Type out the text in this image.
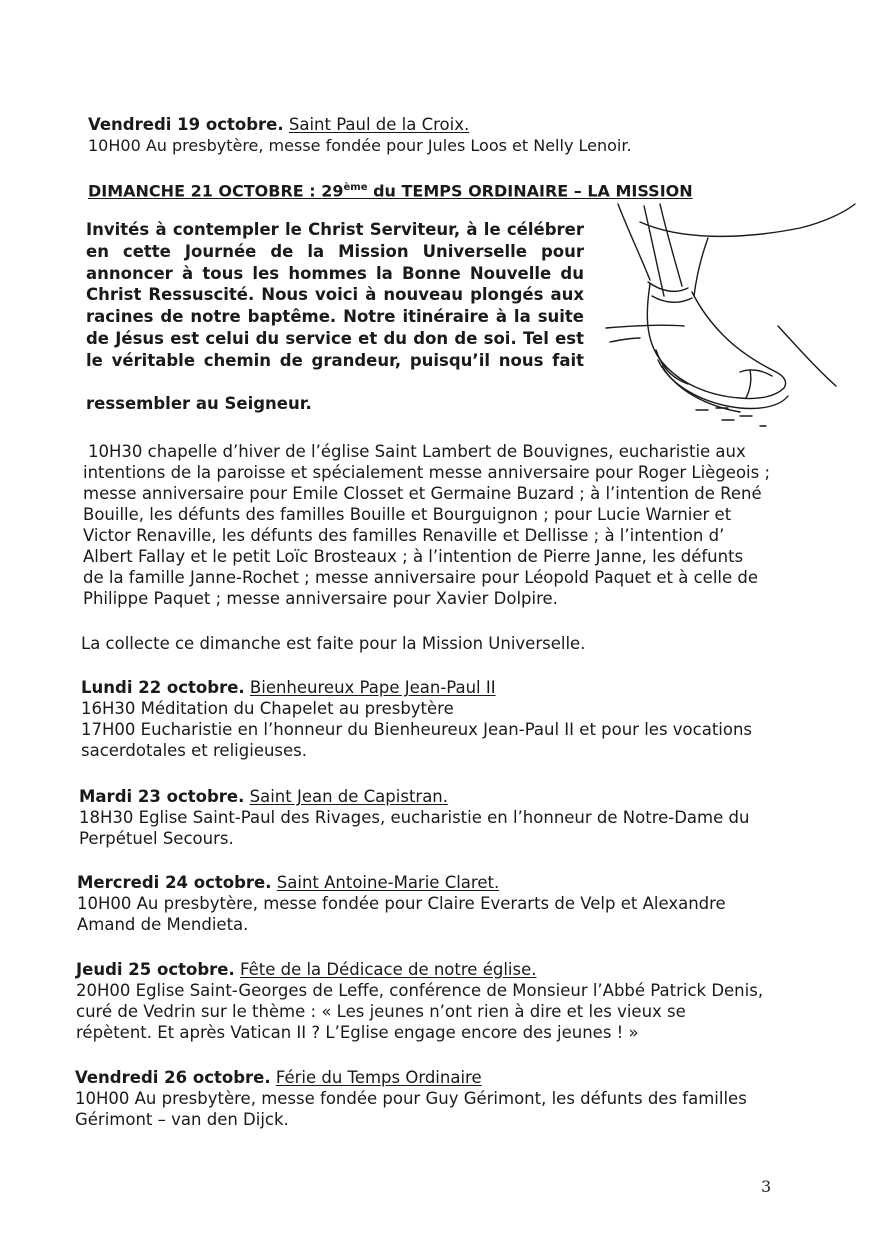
Vendredi 19 octobre. Saint Paul de la Croix.
10H00 Au presbytère, messe fondée pour Jules Loos et Nelly Lenoir.
DIMANCHE 21 OCTOBRE : 29ème du TEMPS ORDINAIRE – LA MISSION
Invités à contempler le Christ Serviteur, à le célébrer en cette Journée de la Mission Universelle pour annoncer à tous les hommes la Bonne Nouvelle du Christ Ressuscité. Nous voici à nouveau plongés aux racines de notre baptême. Notre itinéraire à la suite de Jésus est celui du service et du don de soi. Tel est le véritable chemin de grandeur, puisqu’il nous fait
ressembler au Seigneur.
10H30 chapelle d’hiver de l’église Saint Lambert de Bouvignes, eucharistie aux
intentions de la paroisse et spécialement messe anniversaire pour Roger Liègeois ;
messe anniversaire pour Emile Closset et Germaine Buzard ; à l’intention de René
Bouille, les défunts des familles Bouille et Bourguignon ; pour Lucie Warnier et
Victor Renaville, les défunts des familles Renaville et Dellisse ; à l’intention d’
Albert Fallay et le petit Loïc Brosteaux ; à l’intention de Pierre Janne, les défunts
de la famille Janne-Rochet ; messe anniversaire pour Léopold Paquet et à celle de
Philippe Paquet ; messe anniversaire pour Xavier Dolpire.
La collecte ce dimanche est faite pour la Mission Universelle.
Lundi 22 octobre. Bienheureux Pape Jean-Paul II
16H30 Méditation du Chapelet au presbytère
17H00 Eucharistie en l’honneur du Bienheureux Jean-Paul II et pour les vocations
sacerdotales et religieuses.
Mardi 23 octobre. Saint Jean de Capistran.
18H30 Eglise Saint-Paul des Rivages, eucharistie en l’honneur de Notre-Dame du
Perpétuel Secours.
Mercredi 24 octobre. Saint Antoine-Marie Claret.
10H00 Au presbytère, messe fondée pour Claire Everarts de Velp et Alexandre
Amand de Mendieta.
Jeudi 25 octobre. Fête de la Dédicace de notre église.
20H00 Eglise Saint-Georges de Leffe, conférence de Monsieur l’Abbé Patrick Denis,
curé de Vedrin sur le thème : « Les jeunes n’ont rien à dire et les vieux se
répètent. Et après Vatican II ? L’Eglise engage encore des jeunes ! »
Vendredi 26 octobre. Férie du Temps Ordinaire
10H00 Au presbytère, messe fondée pour Guy Gérimont, les défunts des familles
Gérimont – van den Dijck.
3
